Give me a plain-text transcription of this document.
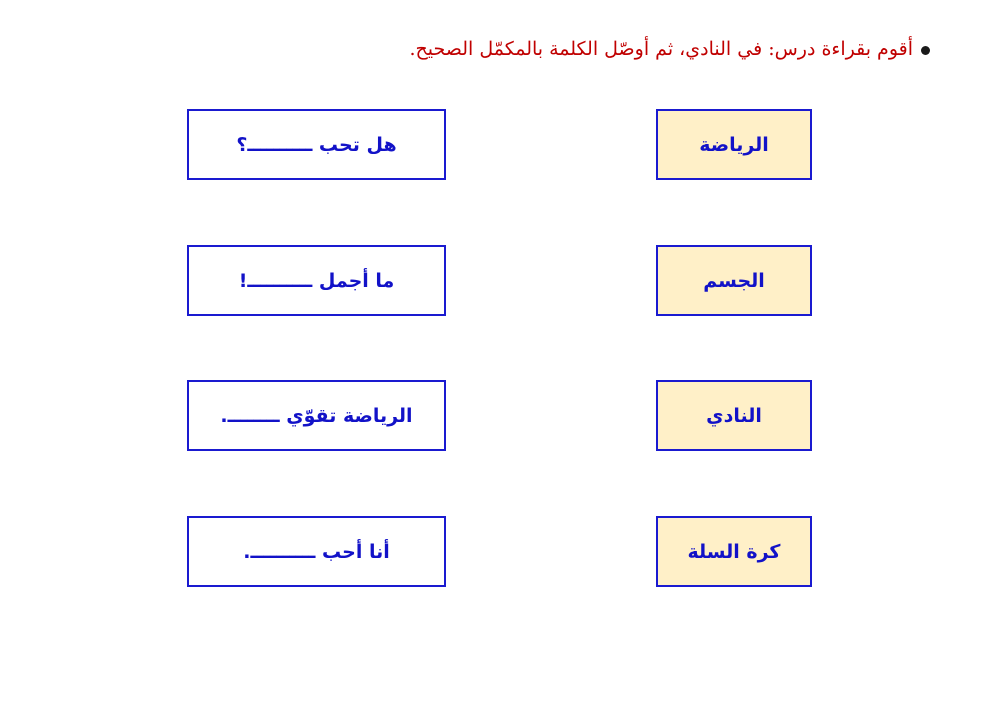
أقوم بقراءة درس: في النادي، ثم أوصّل الكلمة بالمكمّل الصحيح.
هل تحب ــــــــــ؟
ما أجمل ــــــــــ!
الرياضة تقوّي ــــــــ.
أنا أحب ــــــــــ.
الرياضة
الجسم
النادي
كرة السلة
